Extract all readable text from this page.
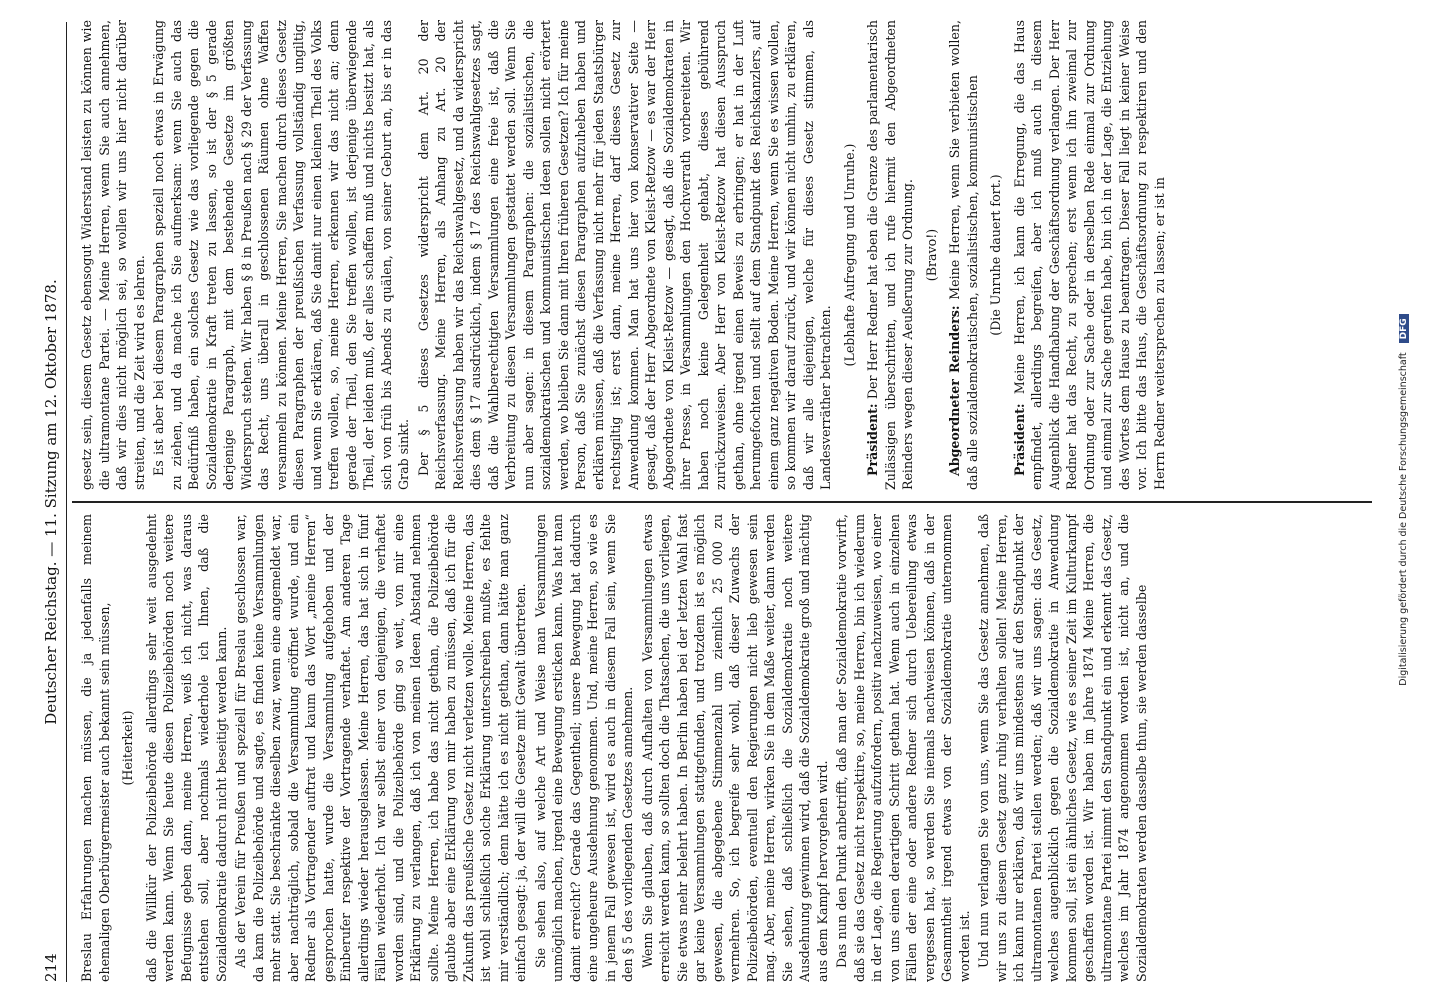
214
Deutscher Reichstag. — 11. Sitzung am 12. Oktober 1878.

Breslau Erfahrungen machen müssen, die ja jedenfalls meinem ehemaligen Oberbürgermeister auch bekannt sein müssen, (Heiterkeit) daß die Willkür der Polizeibehörde allerdings sehr weit ausgedehnt werden kann. Wenn Sie heute diesen Polizeibehörden noch weitere Befugnisse geben dann, meine Herren, weiß ich nicht, was daraus entstehen soll, aber nochmals wiederhole ich Ihnen, daß die Sozialdemokratie dadurch nicht beseitigt werden kann. Als der Verein für Preußen und speziell für Breslau geschlossen war, da kam die Polizeibehörde und sagte, es finden keine Versammlungen mehr statt. Sie beschränkte dieselben zwar, wenn eine angemeldet war, aber nachträglich, sobald die Versammlung eröffnet wurde, und ein Redner als Vortragender auftrat und kaum das Wort „meine Herren“ gesprochen hatte, wurde die Versammlung aufgehoben und der Einberufer respektive der Vortragende verhaftet. Am anderen Tage allerdings wieder herausgelassen. Meine Herren, das hat sich in fünf Fällen wiederholt. Ich war selbst einer von denjenigen, die verhaftet worden sind, und die Polizeibehörde ging so weit, von mir eine Erklärung zu verlangen, daß ich von meinen Ideen Abstand nehmen sollte. Meine Herren, ich habe das nicht gethan, die Polizeibehörde glaubte aber eine Erklärung von mir haben zu müssen, daß ich für die Zukunft das preußische Gesetz nicht verletzen wolle. Meine Herren, das ist wohl schließlich solche Erklärung unterschreiben mußte, es fehlte mir verständlich; denn hätte ich es nicht gethan, dann hätte man ganz einfach gesagt: ja, der will die Gesetze mit Gewalt übertreten. Sie sehen also, auf welche Art und Weise man Versammlungen unmöglich machen, irgend eine Bewegung ersticken kann. Was hat man damit erreicht? Gerade das Gegentheil; unsere Bewegung hat dadurch eine ungeheure Ausdehnung genommen. Und, meine Herren, so wie es in jenem Fall gewesen ist, wird es auch in diesem Fall sein, wenn Sie den § 5 des vorliegenden Gesetzes annehmen. Wenn Sie glauben, daß durch Aufhalten von Versammlungen etwas erreicht werden kann, so sollten doch die Thatsachen, die uns vorliegen, Sie etwas mehr belehrt haben. In Berlin haben bei der letzten Wahl fast gar keine Versammlungen stattgefunden, und trotzdem ist es möglich gewesen, die abgegebene Stimmenzahl um ziemlich 25 000 zu vermehren. So, ich begreife sehr wohl, daß dieser Zuwachs der Polizeibehörden, eventuell den Regierungen nicht lieb gewesen sein mag. Aber, meine Herren, wirken Sie in dem Maße weiter, dann werden Sie sehen, daß schließlich die Sozialdemokratie noch weitere Ausdehnung gewinnen wird, daß die Sozialdemokratie groß und mächtig aus dem Kampf hervorgehen wird. Das nun den Punkt anbetrifft, daß man der Sozialdemokratie vorwirft, daß sie das Gesetz nicht respektire, so, meine Herren, bin ich wiederum in der Lage, die Regierung aufzufordern, positiv nachzuweisen, wo einer von uns einen derartigen Schritt gethan hat. Wenn auch in einzelnen Fällen der eine oder andere Redner sich durch Uebereilung etwas vergessen hat, so werden Sie niemals nachweisen können, daß in der Gesammtheit irgend etwas von der Sozialdemokratie unternommen worden ist. Und nun verlangen Sie von uns, wenn Sie das Gesetz annehmen, daß wir uns zu diesem Gesetz ganz ruhig verhalten sollen! Meine Herren, ich kann nur erklären, daß wir uns mindestens auf den Standpunkt der ultramontanen Partei stellen werden; daß wir uns sagen: das Gesetz, welches augenblicklich gegen die Sozialdemokratie in Anwendung kommen soll, ist ein ähnliches Gesetz, wie es seiner Zeit im Kulturkampf geschaffen worden ist. Wir haben im Jahre 1874 Meine Herren, die ultramontane Partei nimmt den Standpunkt ein und erkennt das Gesetz, welches im Jahr 1874 angenommen worden ist, nicht an, und die Sozialdemokraten werden dasselbe thun, sie werden dasselbe

gesetz sein, diesem Gesetz ebensogut Widerstand leisten zu können wie die ultramontane Partei. — Meine Herren, wenn Sie auch annehmen, daß wir dies nicht möglich sei, so wollen wir uns hier nicht darüber streiten, und die Zeit wird es lehren. Es ist aber bei diesem Paragraphen speziell noch etwas in Erwägung zu ziehen, und da mache ich Sie aufmerksam: wenn Sie auch das Bedürfniß haben, ein solches Gesetz wie das vorliegende gegen die Sozialdemokratie in Kraft treten zu lassen, so ist der § 5 gerade derjenige Paragraph, mit dem bestehende Gesetze im größten Widerspruch stehen. Wir haben § 8 in Preußen nach § 29 der Verfassung das Recht, uns überall in geschlossenen Räumen ohne Waffen versammeln zu können. Meine Herren, Sie machen durch dieses Gesetz diesen Paragraphen der preußischen Verfassung vollständig ungiltig, und wenn Sie erklären, daß Sie damit nur einen kleinen Theil des Volks treffen wollen, so, meine Herren, erkennen wir das nicht an; denn gerade der Theil, den Sie treffen wollen, ist derjenige überwiegende Theil, der leiden muß, der alles schaffen muß und nichts besitzt hat, als sich von früh bis Abends zu quälen, von seiner Geburt an, bis er in das Grab sinkt. Der § 5 dieses Gesetzes widerspricht dem Art. 20 der Reichsverfassung. Meine Herren, als Anhang zu Art. 20 der Reichsverfassung haben wir das Reichswahlgesetz, und da widerspricht dies dem § 17 ausdrücklich, indem § 17 des Reichswahlgesetzes sagt, daß die Wahlberechtigten Versammlungen eine freie ist, daß die Verbreitung zu diesen Versammlungen gestattet werden soll. Wenn Sie nun aber sagen: in diesem Paragraphen: die sozialistischen, die sozialdemokratischen und kommunistischen Ideen sollen nicht erörtert werden, wo bleiben Sie dann mit Ihren früheren Gesetzen? Ich für meine Person, daß Sie zunächst diesen Paragraphen aufzuheben haben und erklären müssen, daß die Verfassung nicht mehr für jeden Staatsbürger rechtsgiltig ist; erst dann, meine Herren, darf dieses Gesetz zur Anwendung kommen. Man hat uns hier von konservativer Seite — gesagt, daß der Herr Abgeordnete von Kleist-Retzow — es war der Herr Abgeordnete von Kleist-Retzow — gesagt, daß die Sozialdemokraten in ihrer Presse, in Versammlungen den Hochverrath vorbereiteten. Wir haben noch keine Gelegenheit gehabt, dieses gebührend zurückzuweisen. Aber Herr von Kleist-Retzow hat diesen Ausspruch gethan, ohne irgend einen Beweis zu erbringen; er hat in der Luft herumgefochten und stellt auf dem Standpunkt des Reichskanzlers, auf einem ganz negativen Boden. Meine Herren, wenn Sie es wissen wollen, so kommen wir darauf zurück, und wir können nicht umhin, zu erklären, daß wir alle diejenigen, welche für dieses Gesetz stimmen, als Landesverräther betrachten.

(Lebhafte Aufregung und Unruhe.)

Präsident: Der Herr Redner hat eben die Grenze des parlamentarisch Zulässigen überschritten, und ich rufe hiermit den Abgeordneten Reinders wegen dieser Aeußerung zur Ordnung. (Bravo!)

Abgeordneter Reinders: Meine Herren, wenn Sie verbieten wollen, daß alle sozialdemokratischen, sozialistischen, kommunistischen (Die Unruhe dauert fort.)

Präsident: Meine Herren, ich kann die Erregung, die das Haus empfindet, allerdings begreifen, aber ich muß auch in diesem Augenblick die Handhabung der Geschäftsordnung verlangen. Der Herr Redner hat das Recht, zu sprechen; erst wenn ich ihn zweimal zur Ordnung oder zur Sache oder in derselben Rede einmal zur Ordnung und einmal zur Sache gerufen habe, bin ich in der Lage, die Entziehung des Wortes dem Hause zu beantragen. Dieser Fall liegt in keiner Weise vor. Ich bitte das Haus, die Geschäftsordnung zu respektiren und den Herrn Redner weitersprechen zu lassen; er ist in

Digitalisierung gefördert durch die Deutsche Forschungsgemeinschaft DFG
